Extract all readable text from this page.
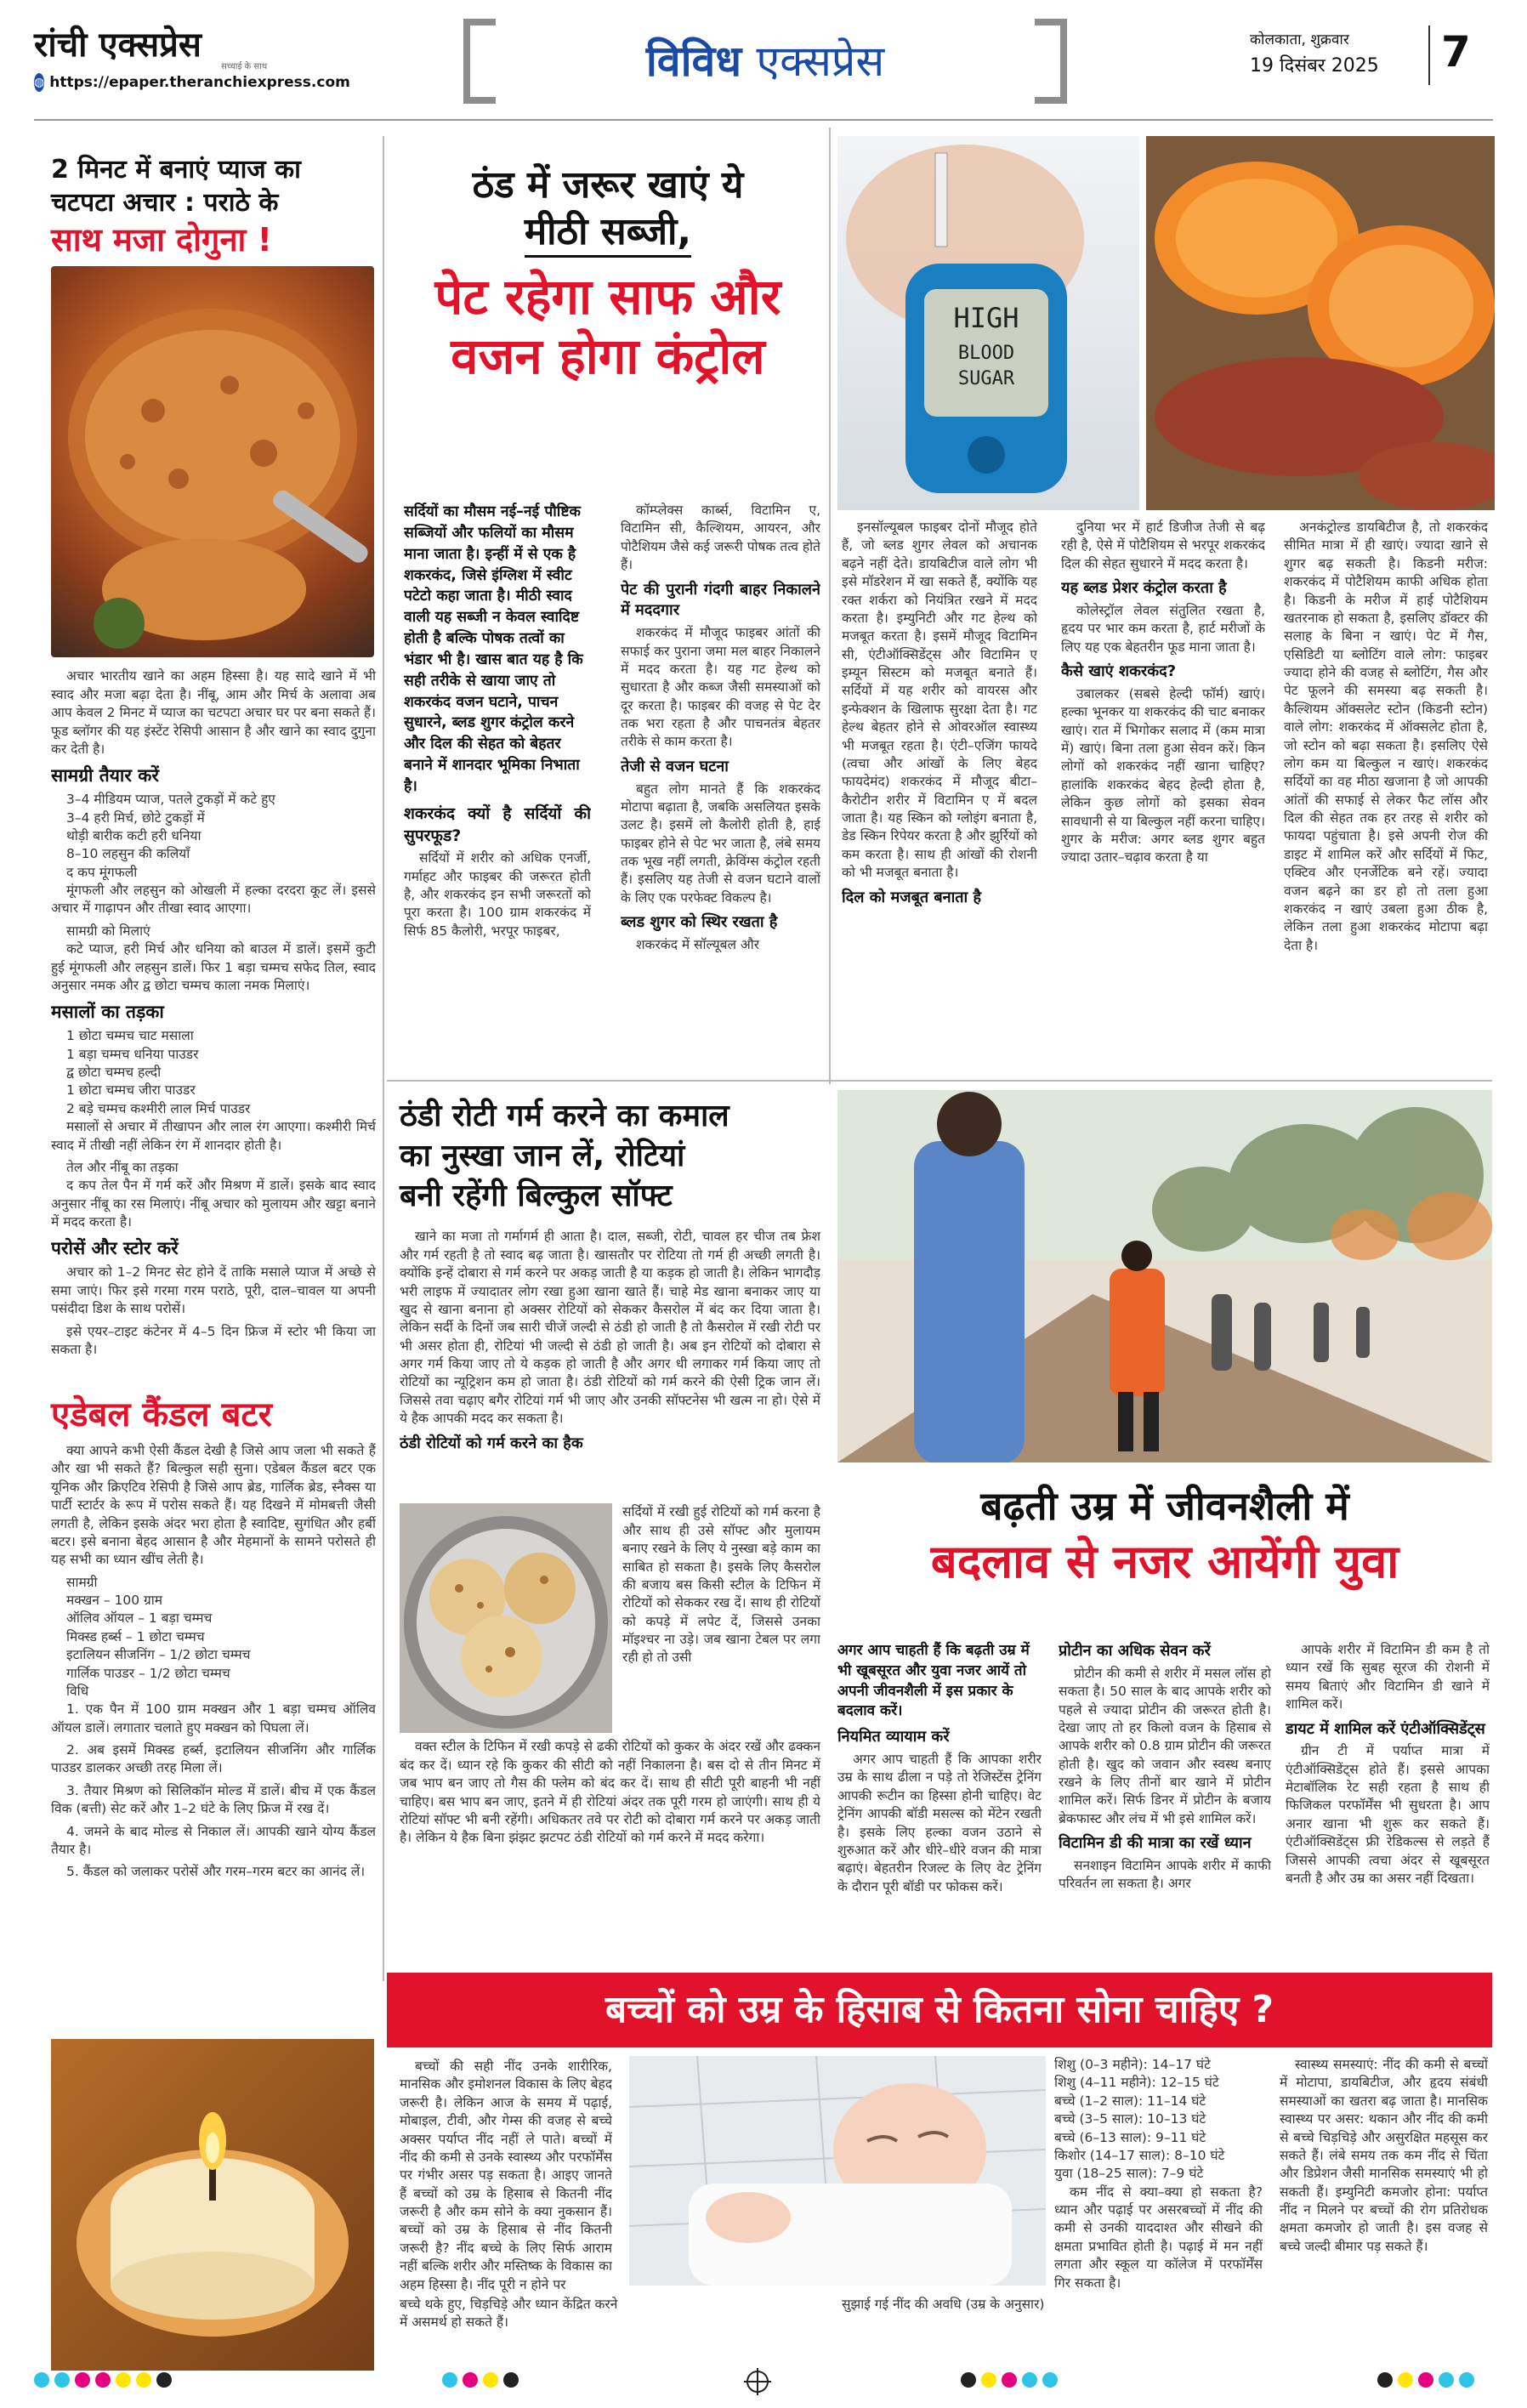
रांची एक्सप्रेस
सच्चाई के साथ
◍ https://epaper.theranchiexpress.com	विविध एक्सप्रेस	कोलकाता, शुक्रवार
19 दिसंबर 2025	7
2 मिनट में बनाएं प्याज का
चटपटा अचार : पराठे के
साथ मजा दोगुना !

अचार भारतीय खाने का अहम हिस्सा है। यह सादे खाने में भी स्वाद और मजा बढ़ा देता है। नींबू, आम और मिर्च के अलावा अब आप केवल 2 मिनट में प्याज का चटपटा अचार घर पर बना सकते हैं। फूड ब्लॉगर की यह इंस्टेंट रेसिपी आसान है और खाने का स्वाद दुगुना कर देती है।

सामग्री तैयार करें
3–4 मीडियम प्याज, पतले टुकड़ों में कटे हुए
3–4 हरी मिर्च, छोटे टुकड़ों में
थोड़ी बारीक कटी हरी धनिया
8–10 लहसुन की कलियाँ
द कप मूंगफली

मूंगफली और लहसुन को ओखली में हल्का दरदरा कूट लें। इससे अचार में गाढ़ापन और तीखा स्वाद आएगा।

सामग्री को मिलाएं

कटे प्याज, हरी मिर्च और धनिया को बाउल में डालें। इसमें कुटी हुई मूंगफली और लहसुन डालें। फिर 1 बड़ा चम्मच सफेद तिल, स्वाद अनुसार नमक और द्व छोटा चम्मच काला नमक मिलाएं।

मसालों का तड़का
1 छोटा चम्मच चाट मसाला
1 बड़ा चम्मच धनिया पाउडर
द्व छोटा चम्मच हल्दी
1 छोटा चम्मच जीरा पाउडर
2 बड़े चम्मच कश्मीरी लाल मिर्च पाउडर

मसालों से अचार में तीखापन और लाल रंग आएगा। कश्मीरी मिर्च स्वाद में तीखी नहीं लेकिन रंग में शानदार होती है।

तेल और नींबू का तड़का

द कप तेल पैन में गर्म करें और मिश्रण में डालें। इसके बाद स्वाद अनुसार नींबू का रस मिलाएं। नींबू अचार को मुलायम और खट्टा बनाने में मदद करता है।

परोसें और स्टोर करें

अचार को 1–2 मिनट सेट होने दें ताकि मसाले प्याज में अच्छे से समा जाएं। फिर इसे गरमा गरम पराठे, पूरी, दाल–चावल या अपनी पसंदीदा डिश के साथ परोसें।

इसे एयर–टाइट कंटेनर में 4–5 दिन फ्रिज में स्टोर भी किया जा सकता है।

एडेबल कैंडल बटर

क्या आपने कभी ऐसी कैंडल देखी है जिसे आप जला भी सकते हैं और खा भी सकते हैं? बिल्कुल सही सुना। एडेबल कैंडल बटर एक यूनिक और क्रिएटिव रेसिपी है जिसे आप ब्रेड, गार्लिक ब्रेड, स्नैक्स या पार्टी स्टार्टर के रूप में परोस सकते हैं। यह दिखने में मोमबत्ती जैसी लगती है, लेकिन इसके अंदर भरा होता है स्वादिष्ट, सुगंधित और हर्बी बटर। इसे बनाना बेहद आसान है और मेहमानों के सामने परोसते ही यह सभी का ध्यान खींच लेती है।

सामग्री
मक्खन – 100 ग्राम
ऑलिव ऑयल – 1 बड़ा चम्मच
मिक्स्ड हर्ब्स – 1 छोटा चम्मच
इटालियन सीजनिंग – 1/2 छोटा चम्मच
गार्लिक पाउडर – 1/2 छोटा चम्मच
विधि

1. एक पैन में 100 ग्राम मक्खन और 1 बड़ा चम्मच ऑलिव ऑयल डालें। लगातार चलाते हुए मक्खन को पिघला लें।

2. अब इसमें मिक्स्ड हर्ब्स, इटालियन सीजनिंग और गार्लिक पाउडर डालकर अच्छी तरह मिला लें।

3. तैयार मिश्रण को सिलिकॉन मोल्ड में डालें। बीच में एक कैंडल विक (बत्ती) सेट करें और 1–2 घंटे के लिए फ्रिज में रख दें।

4. जमने के बाद मोल्ड से निकाल लें। आपकी खाने योग्य कैंडल तैयार है।

5. कैंडल को जलाकर परोसें और गरम–गरम बटर का आनंद लें।

ठंड में जरूर खाएं ये
मीठी सब्जी,
पेट रहेगा साफ और
वजन होगा कंट्रोल
HIGH
BLOOD
SUGAR
सर्दियों का मौसम नई–नई पौष्टिक सब्जियों और फलियों का मौसम माना जाता है। इन्हीं में से एक है शकरकंद, जिसे इंग्लिश में स्वीट पटेटो कहा जाता है। मीठी स्वाद वाली यह सब्जी न केवल स्वादिष्ट होती है बल्कि पोषक तत्वों का भंडार भी है। खास बात यह है कि सही तरीके से खाया जाए तो शकरकंद वजन घटाने, पाचन सुधारने, ब्लड शुगर कंट्रोल करने और दिल की सेहत को बेहतर बनाने में शानदार भूमिका निभाता है।
शकरकंद क्यों है सर्दियों की सुपरफूड?

सर्दियों में शरीर को अधिक एनर्जी, गर्माहट और फाइबर की जरूरत होती है, और शकरकंद इन सभी जरूरतों को पूरा करता है। 100 ग्राम शकरकंद में सिर्फ 85 कैलोरी, भरपूर फाइबर,

कॉम्प्लेक्स कार्ब्स, विटामिन ए, विटामिन सी, कैल्शियम, आयरन, और पोटैशियम जैसे कई जरूरी पोषक तत्व होते हैं।

पेट की पुरानी गंदगी बाहर निकालने में मददगार

शकरकंद में मौजूद फाइबर आंतों की सफाई कर पुराना जमा मल बाहर निकालने में मदद करता है। यह गट हेल्थ को सुधारता है और कब्ज जैसी समस्याओं को दूर करता है। फाइबर की वजह से पेट देर तक भरा रहता है और पाचनतंत्र बेहतर तरीके से काम करता है।

तेजी से वजन घटना

बहुत लोग मानते हैं कि शकरकंद मोटापा बढ़ाता है, जबकि असलियत इसके उलट है। इसमें लो कैलोरी होती है, हाई फाइबर होने से पेट भर जाता है, लंबे समय तक भूख नहीं लगती, क्रेविंग्स कंट्रोल रहती हैं। इसलिए यह तेजी से वजन घटाने वालों के लिए एक परफेक्ट विकल्प है।

ब्लड शुगर को स्थिर रखता है

शकरकंद में सॉल्यूबल और

इनसॉल्यूबल फाइबर दोनों मौजूद होते हैं, जो ब्लड शुगर लेवल को अचानक बढ़ने नहीं देते। डायबिटीज वाले लोग भी इसे मॉडरेशन में खा सकते हैं, क्योंकि यह रक्त शर्करा को नियंत्रित रखने में मदद करता है। इम्युनिटी और गट हेल्थ को मजबूत करता है। इसमें मौजूद विटामिन सी, एंटीऑक्सिडेंट्स और विटामिन ए इम्यून सिस्टम को मजबूत बनाते हैं। सर्दियों में यह शरीर को वायरस और इन्फेक्शन के खिलाफ सुरक्षा देता है। गट हेल्थ बेहतर होने से ओवरऑल स्वास्थ्य भी मजबूत रहता है। एंटी–एजिंग फायदे (त्वचा और आंखों के लिए बेहद फायदेमंद) शकरकंद में मौजूद बीटा–कैरोटीन शरीर में विटामिन ए में बदल जाता है। यह स्किन को ग्लोइंग बनाता है, डेड स्किन रिपेयर करता है और झुर्रियों को कम करता है। साथ ही आंखों की रोशनी को भी मजबूत बनाता है।

दिल को मजबूत बनाता है

दुनिया भर में हार्ट डिजीज तेजी से बढ़ रही है, ऐसे में पोटैशियम से भरपूर शकरकंद दिल की सेहत सुधारने में मदद करता है।

यह ब्लड प्रेशर कंट्रोल करता है

कोलेस्ट्रॉल लेवल संतुलित रखता है, हृदय पर भार कम करता है, हार्ट मरीजों के लिए यह एक बेहतरीन फूड माना जाता है।

कैसे खाएं शकरकंद?

उबालकर (सबसे हेल्दी फॉर्म) खाएं। हल्का भूनकर या शकरकंद की चाट बनाकर खाएं। रात में भिगोकर सलाद में (कम मात्रा में) खाएं। बिना तला हुआ सेवन करें। किन लोगों को शकरकंद नहीं खाना चाहिए? हालांकि शकरकंद बेहद हेल्दी होता है, लेकिन कुछ लोगों को इसका सेवन सावधानी से या बिल्कुल नहीं करना चाहिए। शुगर के मरीज: अगर ब्लड शुगर बहुत ज्यादा उतार–चढ़ाव करता है या

अनकंट्रोल्ड डायबिटीज है, तो शकरकंद सीमित मात्रा में ही खाएं। ज्यादा खाने से शुगर बढ़ सकती है। किडनी मरीज: शकरकंद में पोटैशियम काफी अधिक होता है। किडनी के मरीज में हाई पोटैशियम खतरनाक हो सकता है, इसलिए डॉक्टर की सलाह के बिना न खाएं। पेट में गैस, एसिडिटी या ब्लोटिंग वाले लोग: फाइबर ज्यादा होने की वजह से ब्लोटिंग, गैस और पेट फूलने की समस्या बढ़ सकती है। कैल्शियम ऑक्सलेट स्टोन (किडनी स्टोन) वाले लोग: शकरकंद में ऑक्सलेट होता है, जो स्टोन को बढ़ा सकता है। इसलिए ऐसे लोग कम या बिल्कुल न खाएं। शकरकंद सर्दियों का वह मीठा खजाना है जो आपकी आंतों की सफाई से लेकर फैट लॉस और दिल की सेहत तक हर तरह से शरीर को फायदा पहुंचाता है। इसे अपनी रोज की डाइट में शामिल करें और सर्दियों में फिट, एक्टिव और एनर्जेटिक बने रहें। ज्यादा वजन बढ़ने का डर हो तो तला हुआ शकरकंद न खाएं उबला हुआ ठीक है, लेकिन तला हुआ शकरकंद मोटापा बढ़ा देता है।

ठंडी रोटी गर्म करने का कमाल
का नुस्खा जान लें, रोटियां
बनी रहेंगी बिल्कुल सॉफ्ट

खाने का मजा तो गर्मागर्म ही आता है। दाल, सब्जी, रोटी, चावल हर चीज तब फ्रेश और गर्म रहती है तो स्वाद बढ़ जाता है। खासतौर पर रोटिया तो गर्म ही अच्छी लगती है। क्योंकि इन्हें दोबारा से गर्म करने पर अकड़ जाती है या कड़क हो जाती है। लेकिन भागदौड़ भरी लाइफ में ज्यादातर लोग रखा हुआ खाना खाते हैं। चाहे मेड खाना बनाकर जाए या खुद से खाना बनाना हो अक्सर रोटियों को सेककर कैसरोल में बंद कर दिया जाता है। लेकिन सर्दी के दिनों जब सारी चीजें जल्दी से ठंडी हो जाती है तो कैसरोल में रखी रोटी पर भी असर होता ही, रोटियां भी जल्दी से ठंडी हो जाती है। अब इन रोटियों को दोबारा से अगर गर्म किया जाए तो ये कड़क हो जाती है और अगर धी लगाकर गर्म किया जाए तो रोटियों का न्यूट्रिशन कम हो जाता है। ठंडी रोटियों को गर्म करने की ऐसी ट्रिक जान लें। जिससे तवा चढ़ाए बगैर रोटियां गर्म भी जाए और उनकी सॉफ्टनेस भी खत्म ना हो। ऐसे में ये हैक आपकी मदद कर सकता है।

ठंडी रोटियों को गर्म करने का हैक
सर्दियों में रखी हुई रोटियों को गर्म करना है और साथ ही उसे सॉफ्ट और मुलायम बनाए रखने के लिए ये नुस्खा बड़े काम का साबित हो सकता है। इसके लिए कैसरोल की बजाय बस किसी स्टील के टिफिन में रोटियों को सेककर रख दें। साथ ही रोटियों को कपड़े में लपेट दें, जिससे उनका मॉइश्चर ना उड़े। जब खाना टेबल पर लगा रही हो तो उसी
वक्त स्टील के टिफिन में रखी कपड़े से ढकी रोटियों को कुकर के अंदर रखें और ढक्कन बंद कर दें। ध्यान रहे कि कुकर की सीटी को नहीं निकालना है। बस दो से तीन मिनट में जब भाप बन जाए तो गैस की फ्लेम को बंद कर दें। साथ ही सीटी पूरी बाहनी भी नहीं चाहिए। बस भाप बन जाए, इतने में ही रोटियां अंदर तक पूरी गरम हो जाएंगी। साथ ही ये रोटियां सॉफ्ट भी बनी रहेंगी। अधिकतर तवे पर रोटी को दोबारा गर्म करने पर अकड़ जाती है। लेकिन ये हैक बिना झंझट झटपट ठंडी रोटियों को गर्म करने में मदद करेगा।
बढ़ती उम्र में जीवनशैली में
बदलाव से नजर आयेंगी युवा
अगर आप चाहती हैं कि बढ़ती उम्र में भी खूबसूरत और युवा नजर आयें तो अपनी जीवनशैली में इस प्रकार के बदलाव करें।
नियमित व्यायाम करें

अगर आप चाहती हैं कि आपका शरीर उम्र के साथ ढीला न पड़े तो रेजिस्टेंस ट्रेनिंग आपकी रूटीन का हिस्सा होनी चाहिए। वेट ट्रेनिंग आपकी बॉडी मसल्स को मेंटेन रखती है। इसके लिए हल्का वजन उठाने से शुरुआत करें और धीरे–धीरे वजन की मात्रा बढ़ाएं। बेहतरीन रिजल्ट के लिए वेट ट्रेनिंग के दौरान पूरी बॉडी पर फोकस करें।

प्रोटीन का अधिक सेवन करें

प्रोटीन की कमी से शरीर में मसल लॉस हो सकता है। 50 साल के बाद आपके शरीर को पहले से ज्यादा प्रोटीन की जरूरत होती है। देखा जाए तो हर किलो वजन के हिसाब से आपके शरीर को 0.8 ग्राम प्रोटीन की जरूरत होती है। खुद को जवान और स्वस्थ बनाए रखने के लिए तीनों बार खाने में प्रोटीन शामिल करें। सिर्फ डिनर में प्रोटीन के बजाय ब्रेकफास्ट और लंच में भी इसे शामिल करें।

विटामिन डी की मात्रा का रखें ध्यान

सनशाइन विटामिन आपके शरीर में काफी परिवर्तन ला सकता है। अगर

आपके शरीर में विटामिन डी कम है तो ध्यान रखें कि सुबह सूरज की रोशनी में समय बिताएं और विटामिन डी खाने में शामिल करें।

डायट में शामिल करें एंटीऑक्सिडेंट्स

ग्रीन टी में पर्याप्त मात्रा में एंटीऑक्सिडेंट्स होते हैं। इससे आपका मेटाबॉलिक रेट सही रहता है साथ ही फिजिकल परफॉर्मेंस भी सुधरता है। आप अनार खाना भी शुरू कर सकते हैं। एंटीऑक्सिडेंट्स फ्री रेडिकल्स से लड़ते हैं जिससे आपकी त्वचा अंदर से खूबसूरत बनती है और उम्र का असर नहीं दिखता।

बच्चों को उम्र के हिसाब से कितना सोना चाहिए ?

बच्चों की सही नींद उनके शारीरिक, मानसिक और इमोशनल विकास के लिए बेहद जरूरी है। लेकिन आज के समय में पढ़ाई, मोबाइल, टीवी, और गेम्स की वजह से बच्चे अक्सर पर्याप्त नींद नहीं ले पाते। बच्चों में नींद की कमी से उनके स्वास्थ्य और परफॉर्मेंस पर गंभीर असर पड़ सकता है। आइए जानते हैं बच्चों को उम्र के हिसाब से कितनी नींद जरूरी है और कम सोने के क्या नुकसान हैं। बच्चों को उम्र के हिसाब से नींद कितनी जरूरी है? नींद बच्चे के लिए सिर्फ आराम नहीं बल्कि शरीर और मस्तिष्क के विकास का अहम हिस्सा है। नींद पूरी न होने पर

बच्चे थके हुए, चिड़चिड़े और ध्यान केंद्रित करने में असमर्थ हो सकते हैं।
सुझाई गई नींद की अवधि (उम्र के अनुसार)
शिशु (0–3 महीने): 14–17 घंटे
शिशु (4–11 महीने): 12–15 घंटे
बच्चे (1–2 साल): 11–14 घंटे
बच्चे (3–5 साल): 10–13 घंटे
बच्चे (6–13 साल): 9–11 घंटे
किशोर (14–17 साल): 8–10 घंटे
युवा (18–25 साल): 7–9 घंटे

कम नींद से क्या–क्या हो सकता है? ध्यान और पढ़ाई पर असरबच्चों में नींद की कमी से उनकी याददाश्त और सीखने की क्षमता प्रभावित होती है। पढ़ाई में मन नहीं लगता और स्कूल या कॉलेज में परफॉर्मेंस गिर सकता है।

स्वास्थ्य समस्याएं: नींद की कमी से बच्चों में मोटापा, डायबिटीज, और हृदय संबंधी समस्याओं का खतरा बढ़ जाता है। मानसिक स्वास्थ्य पर असर: थकान और नींद की कमी से बच्चे चिड़चिड़े और असुरक्षित महसूस कर सकते हैं। लंबे समय तक कम नींद से चिंता और डिप्रेशन जैसी मानसिक समस्याएं भी हो सकती हैं। इम्युनिटी कमजोर होना: पर्याप्त नींद न मिलने पर बच्चों की रोग प्रतिरोधक क्षमता कमजोर हो जाती है। इस वजह से बच्चे जल्दी बीमार पड़ सकते हैं।
